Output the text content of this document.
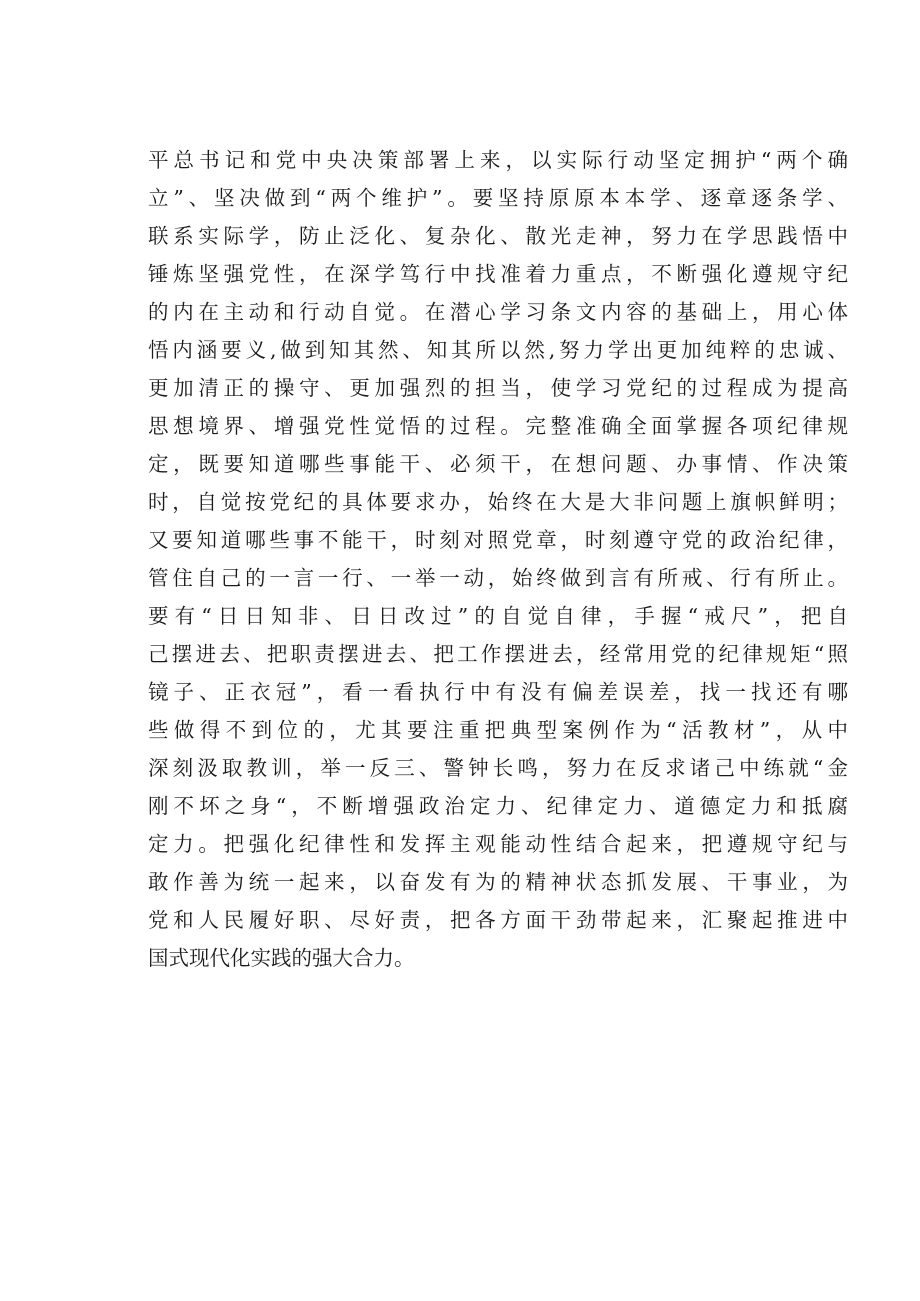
平总书记和党中央决策部署上来，以实际行动坚定拥护“两个确
立”、坚决做到“两个维护”。要坚持原原本本学、逐章逐条学、
联系实际学，防止泛化、复杂化、散光走神，努力在学思践悟中
锤炼坚强党性，在深学笃行中找准着力重点，不断强化遵规守纪
的内在主动和行动自觉。在潜心学习条文内容的基础上，用心体
悟内涵要义,做到知其然、知其所以然,努力学出更加纯粹的忠诚、
更加清正的操守、更加强烈的担当，使学习党纪的过程成为提高
思想境界、增强党性觉悟的过程。完整准确全面掌握各项纪律规
定，既要知道哪些事能干、必须干，在想问题、办事情、作决策
时，自觉按党纪的具体要求办，始终在大是大非问题上旗帜鲜明；
又要知道哪些事不能干，时刻对照党章，时刻遵守党的政治纪律，
管住自己的一言一行、一举一动，始终做到言有所戒、行有所止。
要有“日日知非、日日改过”的自觉自律，手握“戒尺”，把自
己摆进去、把职责摆进去、把工作摆进去，经常用党的纪律规矩“照
镜子、正衣冠”，看一看执行中有没有偏差误差，找一找还有哪
些做得不到位的，尤其要注重把典型案例作为“活教材”，从中
深刻汲取教训，举一反三、警钟长鸣，努力在反求诸己中练就“金
刚不坏之身“，不断增强政治定力、纪律定力、道德定力和抵腐
定力。把强化纪律性和发挥主观能动性结合起来，把遵规守纪与
敢作善为统一起来，以奋发有为的精神状态抓发展、干事业，为
党和人民履好职、尽好责，把各方面干劲带起来，汇聚起推进中
国式现代化实践的强大合力。
